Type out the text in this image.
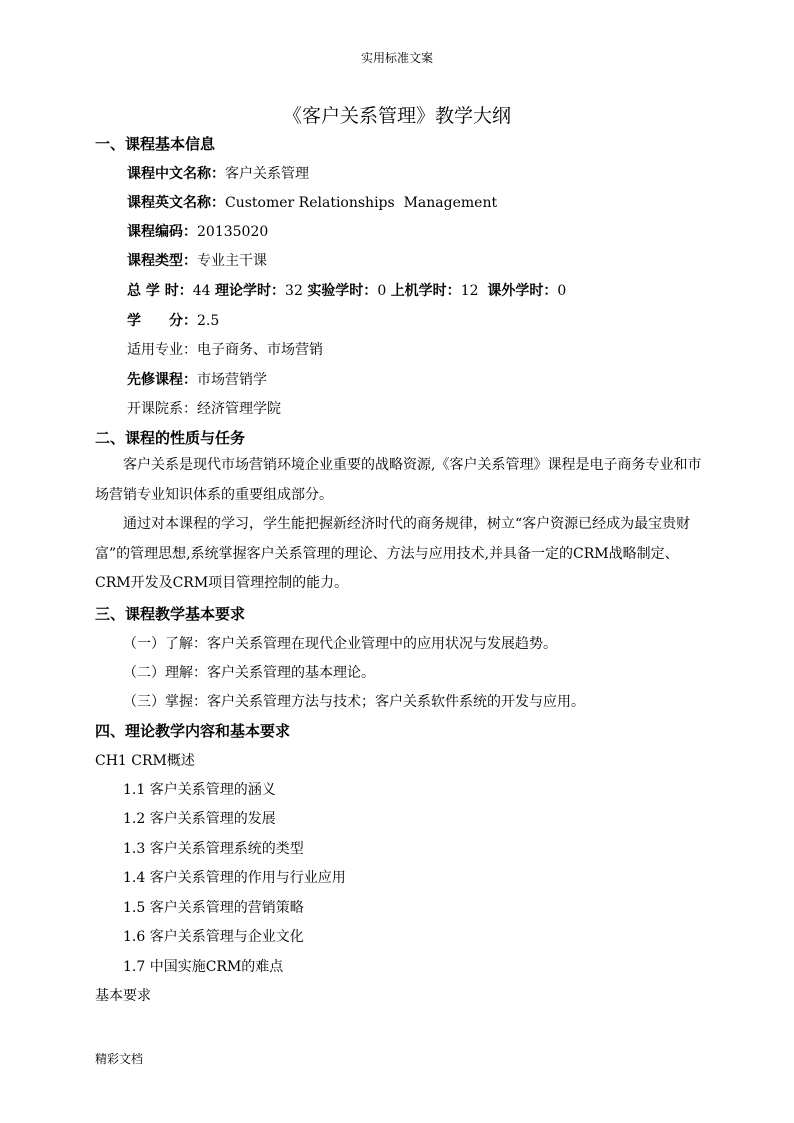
实用标准文案
《客户关系管理》教学大纲
一、课程基本信息
课程中文名称：客户关系管理
课程英文名称：Customer Relationships  Management
课程编码：20135020
课程类型：专业主干课
总 学 时：44 理论学时：32 实验学时：0 上机学时：12 课外学时：0
学　　分：2.5
适用专业：电子商务、市场营销
先修课程：市场营销学
开课院系：经济管理学院
二、课程的性质与任务

客户关系是现代市场营销环境企业重要的战略资源,《客户关系管理》课程是电子商务专业和市场营销专业知识体系的重要组成部分。

通过对本课程的学习，学生能把握新经济时代的商务规律，树立“客户资源已经成为最宝贵财富”的管理思想,系统掌握客户关系管理的理论、方法与应用技术,并具备一定的CRM战略制定、CRM开发及CRM项目管理控制的能力。

三、课程教学基本要求
（一）了解：客户关系管理在现代企业管理中的应用状况与发展趋势。
（二）理解：客户关系管理的基本理论。
（三）掌握：客户关系管理方法与技术；客户关系软件系统的开发与应用。
四、理论教学内容和基本要求
CH1 CRM概述
1.1 客户关系管理的涵义
1.2 客户关系管理的发展
1.3 客户关系管理系统的类型
1.4 客户关系管理的作用与行业应用
1.5 客户关系管理的营销策略
1.6 客户关系管理与企业文化
1.7 中国实施CRM的难点
基本要求
精彩文档
